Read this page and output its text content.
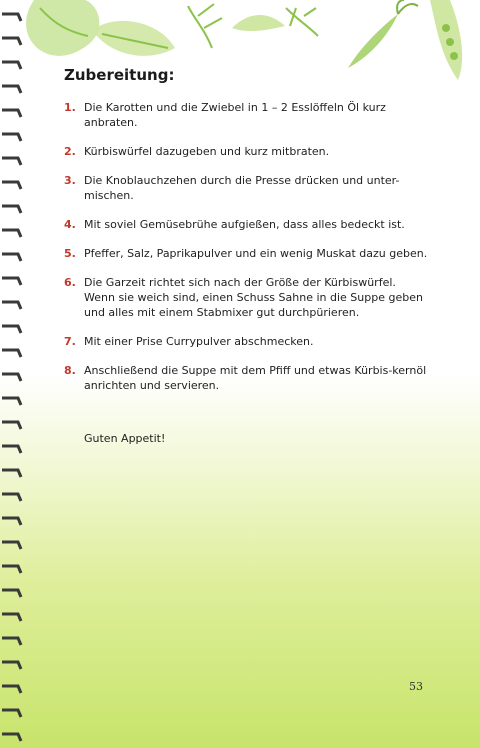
Zubereitung:
1. Die Karotten und die Zwiebel in 1 – 2 Esslöffeln Öl kurz anbraten.
2. Kürbiswürfel dazugeben und kurz mitbraten.
3. Die Knoblauchzehen durch die Presse drücken und unter-mischen.
4. Mit soviel Gemüsebrühe aufgießen, dass alles bedeckt ist.
5. Pfeffer, Salz, Paprikapulver und ein wenig Muskat dazu geben.
6. Die Garzeit richtet sich nach der Größe der Kürbiswürfel. Wenn sie weich sind, einen Schuss Sahne in die Suppe geben und alles mit einem Stabmixer gut durchpürieren.
7. Mit einer Prise Currypulver abschmecken.
8. Anschließend die Suppe mit dem Pfiff und etwas Kürbis-kernöl anrichten und servieren.
Guten Appetit!
53
